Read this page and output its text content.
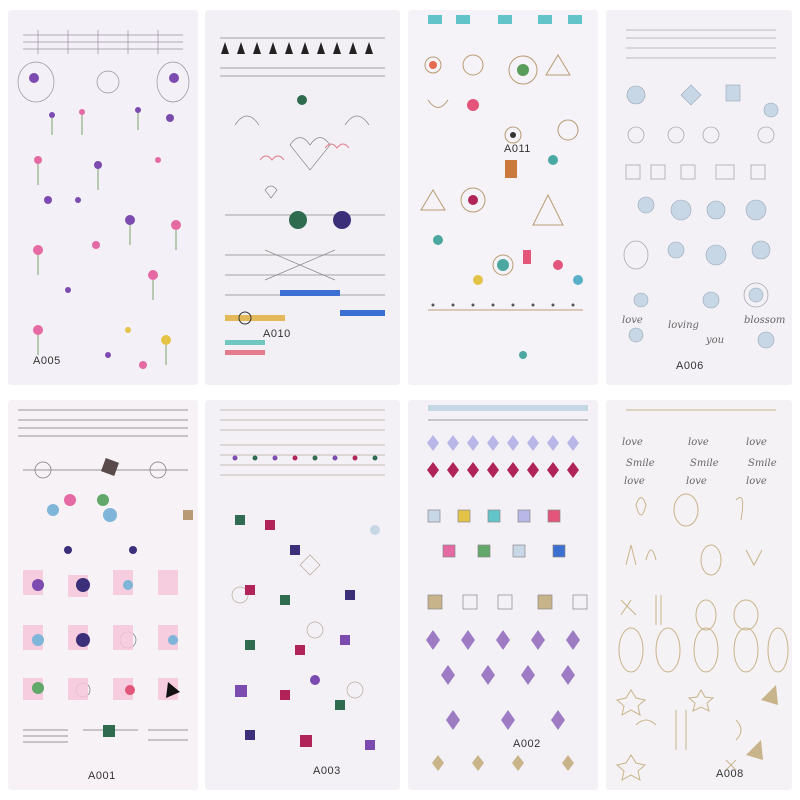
A005
A010
A011
love	loving
you
blossom
A006
A001	A003
A002
love	love	love
Smile	Smile	Smile
love	love	love
A008
